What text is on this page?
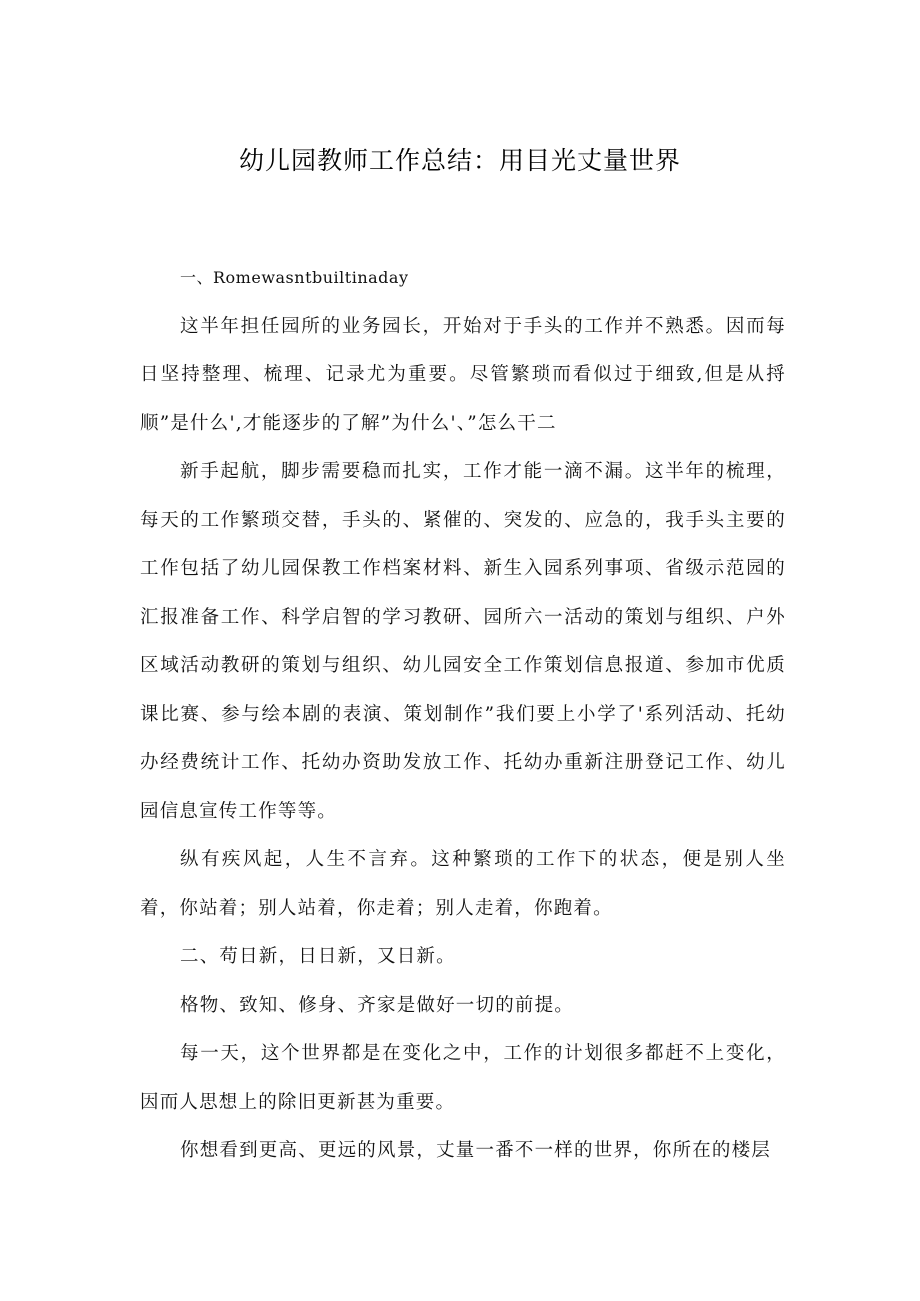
幼儿园教师工作总结：用目光丈量世界

一、Romewasntbuiltinaday

这半年担任园所的业务园长，开始对于手头的工作并不熟悉。因而每日坚持整理、梳理、记录尤为重要。尽管繁琐而看似过于细致,但是从捋顺”是什么',才能逐步的了解”为什么'、”怎么干二

新手起航，脚步需要稳而扎实，工作才能一滴不漏。这半年的梳理，每天的工作繁琐交替，手头的、紧催的、突发的、应急的，我手头主要的工作包括了幼儿园保教工作档案材料、新生入园系列事项、省级示范园的汇报准备工作、科学启智的学习教研、园所六一活动的策划与组织、户外区域活动教研的策划与组织、幼儿园安全工作策划信息报道、参加市优质课比赛、参与绘本剧的表演、策划制作”我们要上小学了'系列活动、托幼办经费统计工作、托幼办资助发放工作、托幼办重新注册登记工作、幼儿园信息宣传工作等等。

纵有疾风起，人生不言弃。这种繁琐的工作下的状态，便是别人坐着，你站着；别人站着，你走着；别人走着，你跑着。

二、苟日新，日日新，又日新。

格物、致知、修身、齐家是做好一切的前提。

每一天，这个世界都是在变化之中，工作的计划很多都赶不上变化，因而人思想上的除旧更新甚为重要。

你想看到更高、更远的风景，丈量一番不一样的世界，你所在的楼层
